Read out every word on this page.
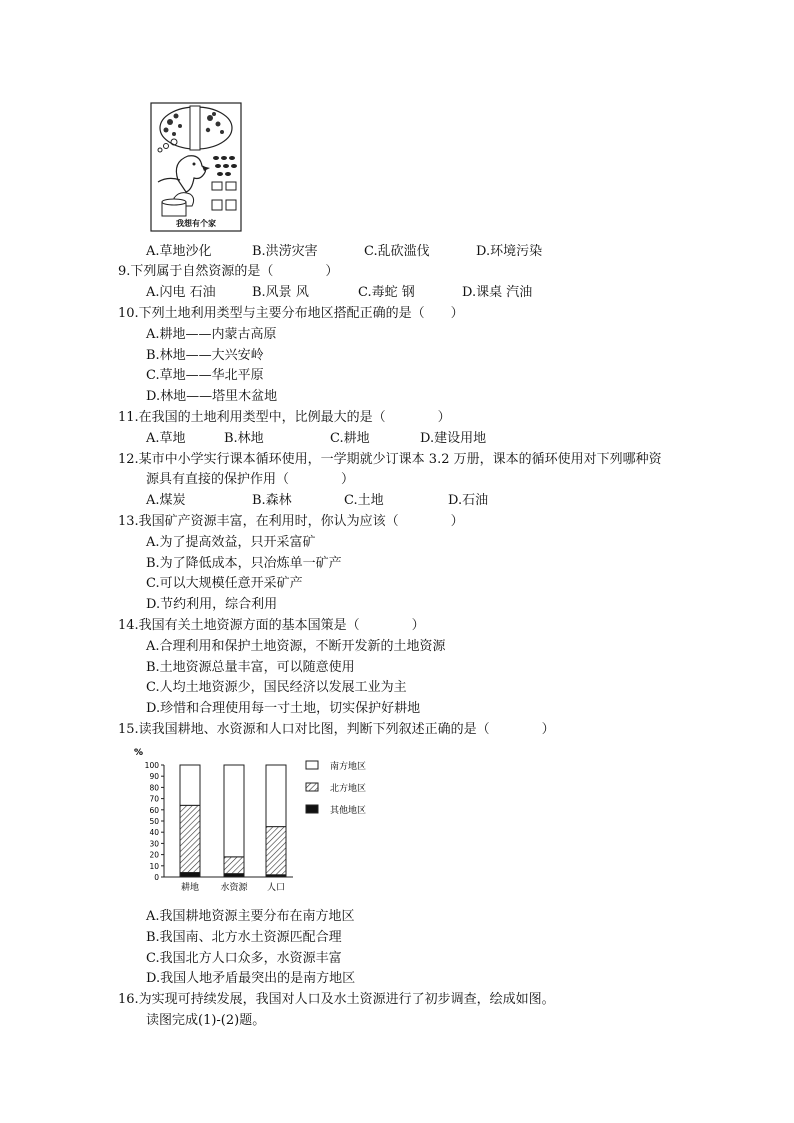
我想有个家
A.草地沙化	B.洪涝灾害	C.乱砍滥伐	D.环境污染
9.下列属于自然资源的是（　　　　）
A.闪电 石油	B.风景 风	C.毒蛇 钢	D.课桌 汽油
10.下列土地利用类型与主要分布地区搭配正确的是（　　）
A.耕地——内蒙古高原
B.林地——大兴安岭
C.草地——华北平原
D.林地——塔里木盆地
11.在我国的土地利用类型中，比例最大的是（　　　　）
A.草地	B.林地	C.耕地	D.建设用地
12.某市中小学实行课本循环使用，一学期就少订课本 3.2 万册，课本的循环使用对下列哪种资
源具有直接的保护作用（　　　　）
A.煤炭	B.森林	C.土地	D.石油
13.我国矿产资源丰富，在利用时，你认为应该（　　　　）
A.为了提高效益，只开采富矿
B.为了降低成本，只冶炼单一矿产
C.可以大规模任意开采矿产
D.节约利用，综合利用
14.我国有关土地资源方面的基本国策是（　　　　）
A.合理利用和保护土地资源，不断开发新的土地资源
B.土地资源总量丰富，可以随意使用
C.人均土地资源少，国民经济以发展工业为主
D.珍惜和合理使用每一寸土地，切实保护好耕地
15.读我国耕地、水资源和人口对比图，判断下列叙述正确的是（　　　　）
%
0
10
20
30
40
50
60
70
80
90
100
耕地 水资源 人口
南方地区
北方地区
其他地区
A.我国耕地资源主要分布在南方地区
B.我国南、北方水土资源匹配合理
C.我国北方人口众多，水资源丰富
D.我国人地矛盾最突出的是南方地区
16.为实现可持续发展，我国对人口及水土资源进行了初步调查，绘成如图。
读图完成(1)-(2)题。
